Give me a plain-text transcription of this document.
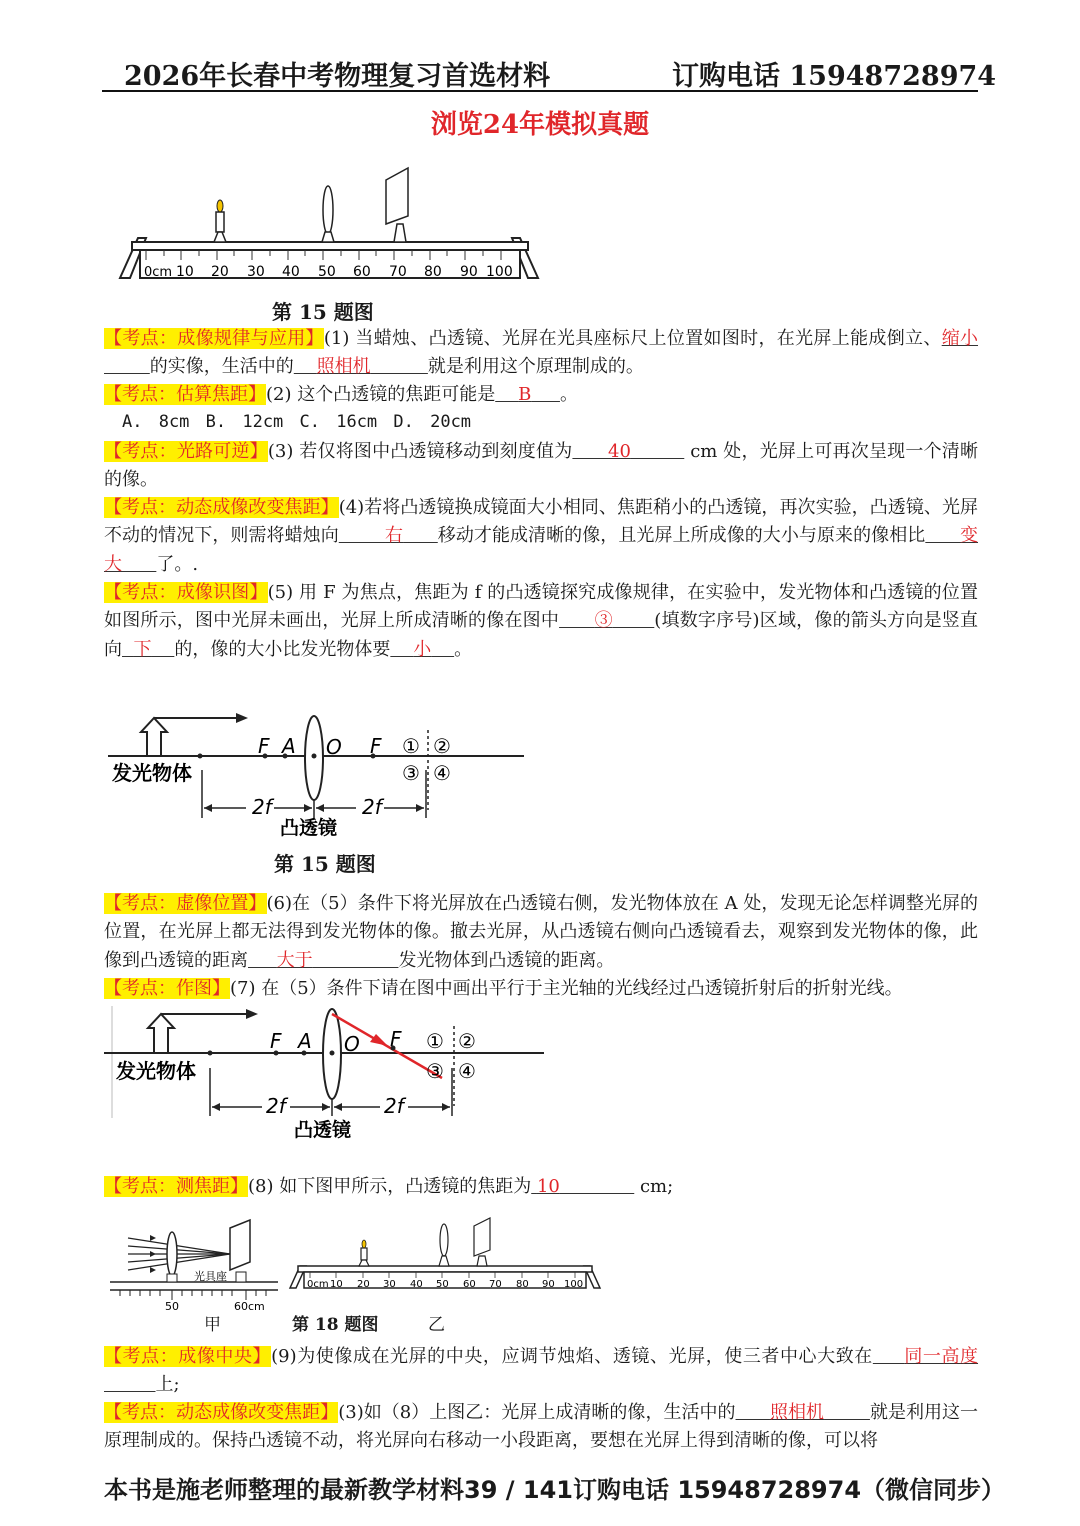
2026年长春中考物理复习首选材料	订购电话 15948728974
浏览24年模拟真题
0cm 10 20 30 40 50 60 70 80 90 100
第 15 题图
【考点：成像规律与应用】(1) 当蜡烛、凸透镜、光屏在光具座标尺上位置如图时，在光屏上能成倒立、缩小        的实像，生活中的 照相机	就是利用这个原理制成的。
【考点：估算焦距】(2) 这个凸透镜的焦距可能是 B 。
A. 8cm B. 12cm C. 16cm D. 20cm
【考点：光路可逆】(3) 若仅将图中凸透镜移动到刻度值为 40	cm 处，光屏上可再次呈现一个清晰的像。
【考点：动态成像改变焦距】(4)若将凸透镜换成镜面大小相同、焦距稍小的凸透镜，再次实验，凸透镜、光屏不动的情况下，则需将蜡烛向	右 移动才能成清晰的像，且光屏上所成像的大小与原来的像相比 变大 了。.
【考点：成像识图】(5) 用 F 为焦点，焦距为 f 的凸透镜探究成像规律，在实验中，发光物体和凸透镜的位置如图所示，图中光屏未画出，光屏上所成清晰的像在图中 ③ (填数字序号)区域，像的箭头方向是竖直向 下 的，像的大小比发光物体要 小 。
F A O F ① ②
③ ④
发光物体
2f	2f
凸透镜
第 15 题图
【考点：虚像位置】(6)在（5）条件下将光屏放在凸透镜右侧，发光物体放在 A 处，发现无论怎样调整光屏的位置，在光屏上都无法得到发光物体的像。撤去光屏，从凸透镜右侧向凸透镜看去，观察到发光物体的像，此像到凸透镜的距离 大于	发光物体到凸透镜的距离。
【考点：作图】(7) 在（5）条件下请在图中画出平行于主光轴的光线经过凸透镜折射后的折射光线。
F A O F ① ②
③ ④
发光物体
2f	2f
凸透镜
【考点：测焦距】(8) 如下图甲所示，凸透镜的焦距为 10	cm;
光具座
50	60cm
甲
0cm 10 20 30 40 50 60 70 80 90 100
第 18 题图	乙
【考点：成像中央】(9)为使像成在光屏的中央，应调节烛焰、透镜、光屏，使三者中心大致在 同一高度         上;
【考点：动态成像改变焦距】(3)如（8）上图乙：光屏上成清晰的像，生活中的 照相机	就是利用这一原理制成的。保持凸透镜不动，将光屏向右移动一小段距离，要想在光屏上得到清晰的像，可以将
本书是施老师整理的最新教学材料39 / 141订购电话 15948728974（微信同步）
